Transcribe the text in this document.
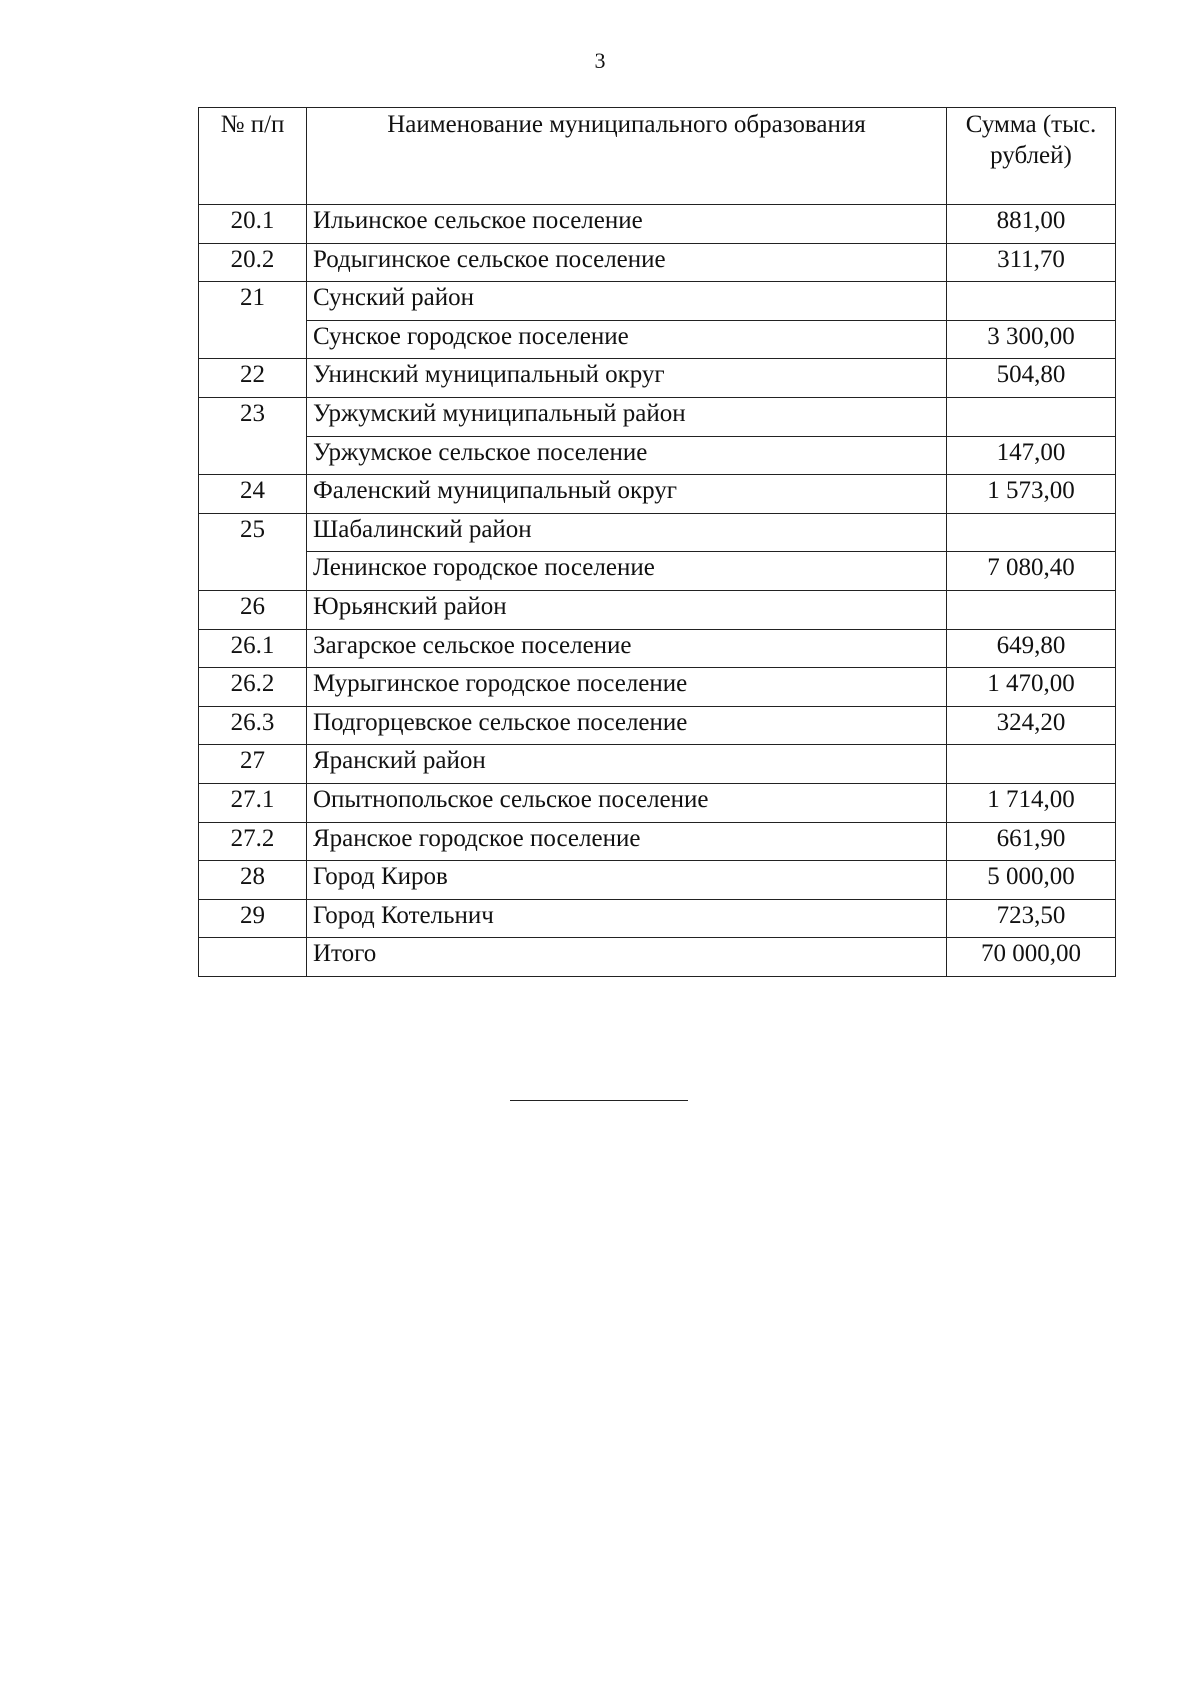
3
№ п/п	Наименование муниципального образования	Сумма (тыс. рублей)
20.1	Ильинское сельское поселение	881,00
20.2	Родыгинское сельское поселение	311,70
21	Сунский район	
	Сунское городское поселение	3 300,00
22	Унинский муниципальный округ	504,80
23	Уржумский муниципальный район	
	Уржумское сельское поселение	147,00
24	Фаленский муниципальный округ	1 573,00
25	Шабалинский район	
	Ленинское городское поселение	7 080,40
26	Юрьянский район	
26.1	Загарское сельское поселение	649,80
26.2	Мурыгинское городское поселение	1 470,00
26.3	Подгорцевское сельское поселение	324,20
27	Яранский район	
27.1	Опытнопольское сельское поселение	1 714,00
27.2	Яранское городское поселение	661,90
28	Город Киров	5 000,00
29	Город Котельнич	723,50
	Итого	70 000,00
